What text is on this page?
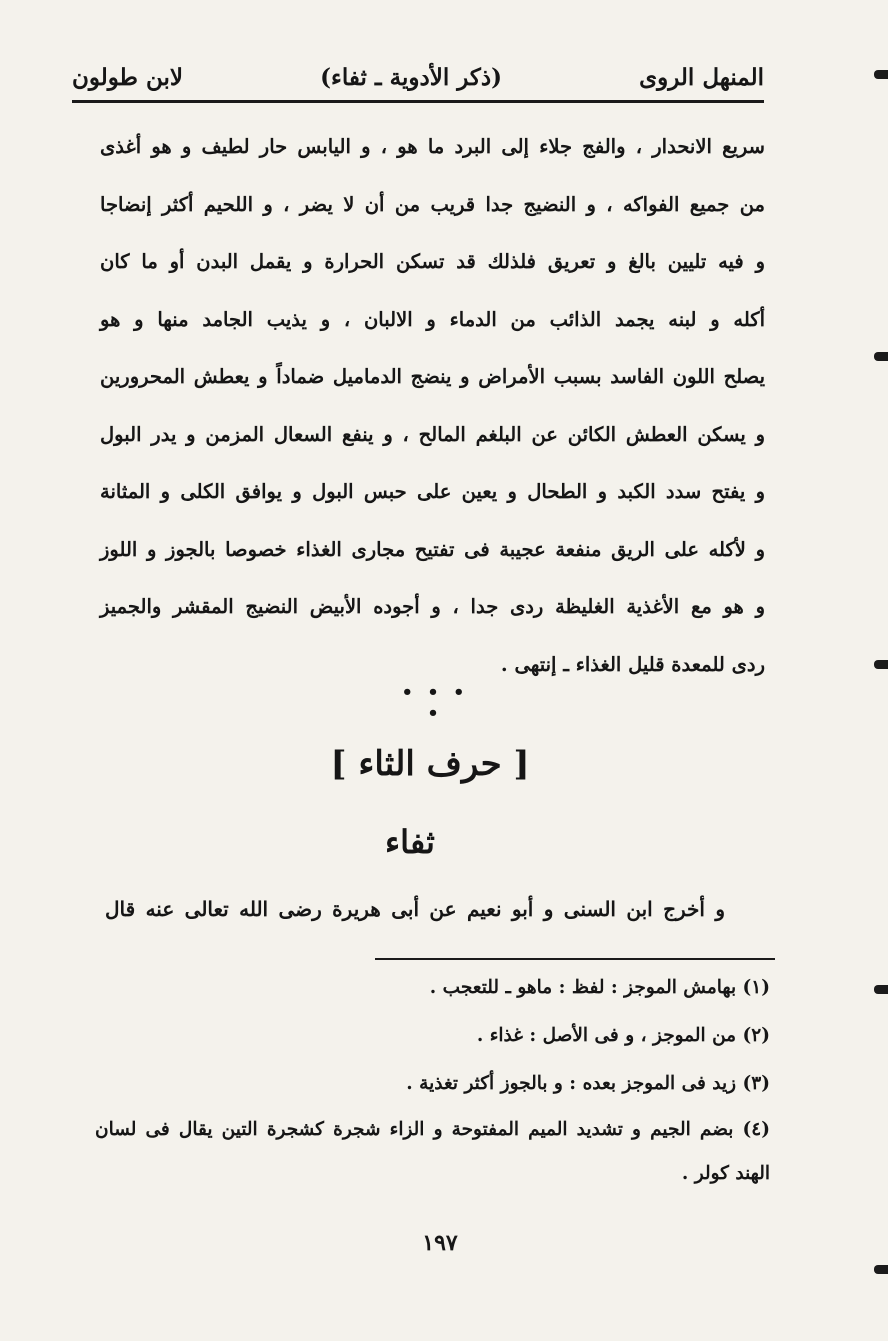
المنهل الروى
(ذكر الأدوية ـ ثفاء)
لابن طولون
سريع الانحدار ، والفج جلاء إلى البرد ما هو ، و اليابس حار لطيف و هو أغذى
من جميع الفواكه ، و النضيج جدا قريب من أن لا يضر ، و اللحيم أكثر إنضاجا
و فيه تليين بالغ و تعريق فلذلك قد تسكن الحرارة و يقمل البدن أو ما كان
أكله و لبنه يجمد الذائب من الدماء و الالبان ، و يذيب الجامد منها و هو
يصلح اللون الفاسد بسبب الأمراض و ينضج الدماميل ضماداً و يعطش المحرورين
و يسكن العطش الكائن عن البلغم المالح ، و ينفع السعال المزمن و يدر البول
و يفتح سدد الكبد و الطحال و يعين على حبس البول و يوافق الكلى و المثانة
و لأكله على الريق منفعة عجيبة فى تفتيح مجارى الغذاء خصوصا بالجوز و اللوز
و هو مع الأغذية الغليظة ردى جدا ، و أجوده الأبيض النضيج المقشر والجميز
ردى للمعدة قليل الغذاء ـ إنتهى .
• • • •
[ حرف الثاء ]
ثفاء
و أخرج ابن السنى و أبو نعيم عن أبى هريرة رضى الله تعالى عنه قال
(١) بهامش الموجز : لفظ : ماهو ـ للتعجب .
(٢) من الموجز ، و فى الأصل : غذاء .
(٣) زيد فى الموجز بعده : و بالجوز أكثر تغذية .
(٤) بضم الجيم و تشديد الميم المفتوحة و الزاء شجرة كشجرة التين يقال فى لسان الهند كولر .
١٩٧
